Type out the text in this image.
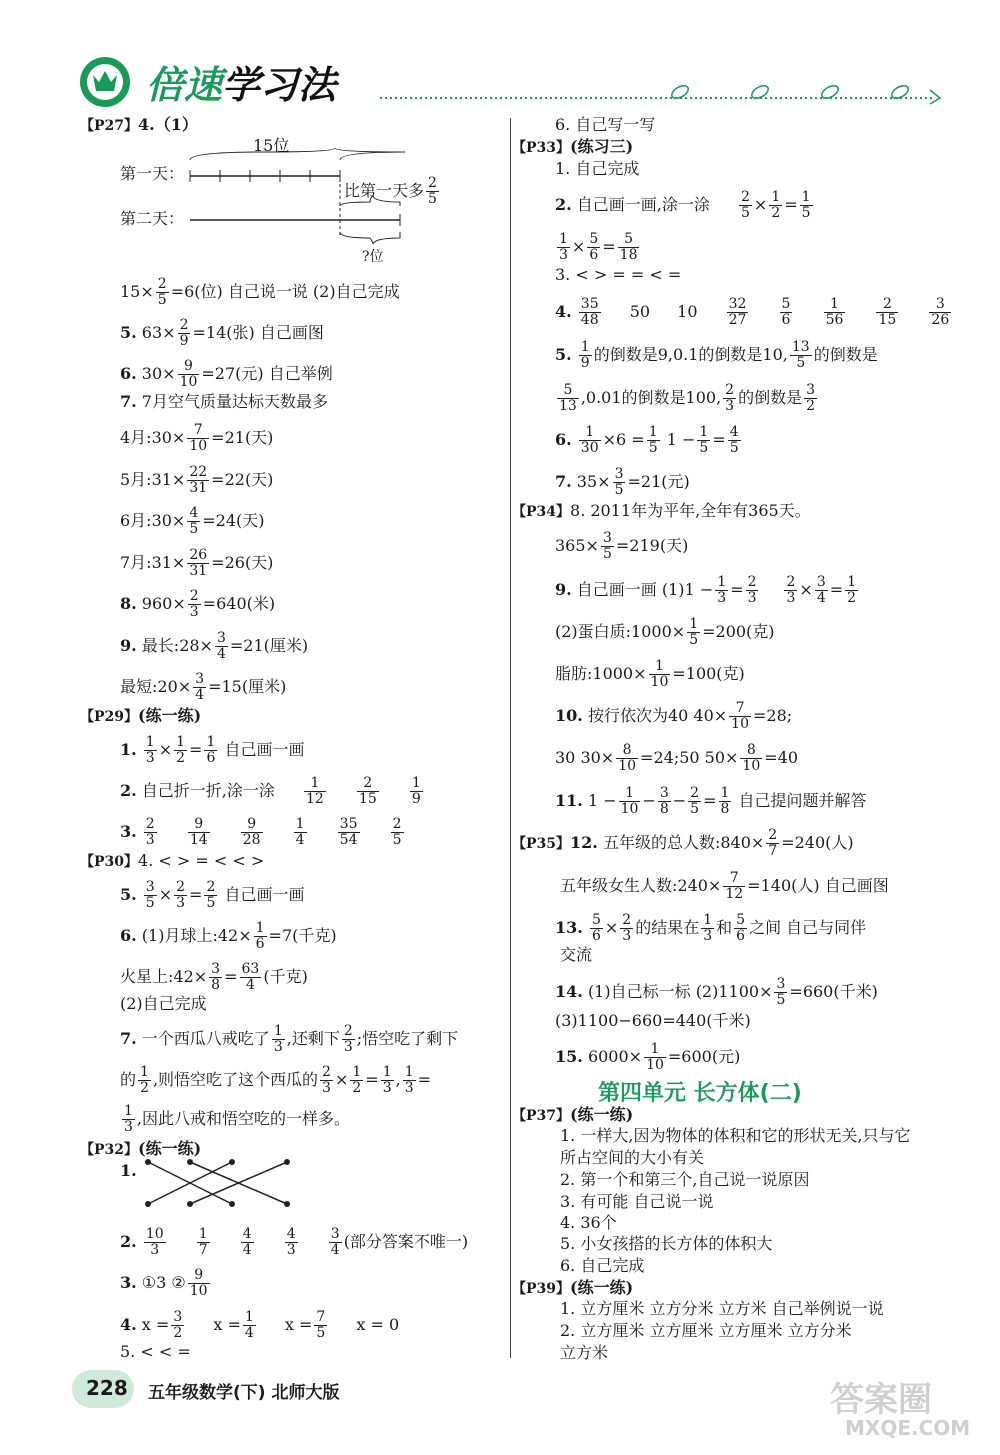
倍速学习法
【P27】4.（1）
15位
第一天：
第二天：
比第一天多 $\frac{2}{5}$
?位
$15\times \frac{2}{5} =6$(位) 自己说一说 (2)自己完成
5. $63\times \frac{2}{9} =14$(张) 自己画图
6. $30\times \frac{9}{10} =27$(元) 自己举例
7. 7月空气质量达标天数最多
4月:30× $\frac{7}{10} =21$(天)
5月:31× $\frac{22}{31} =22$(天)
6月:30× $\frac{4}{5} =24$(天)
7月:31× $\frac{26}{31} =26$(天)
8. $960\times \frac{2}{3} =640$(米)
9. 最长:28× $\frac{3}{4} =21$(厘米)
最短:20× $\frac{3}{4} =15$(厘米)
【P29】(练一练)
1. $\frac{1}{3} \times \frac{1}{2} = \frac{1}{6}$ 自己画一画
2. 自己折一折,涂一涂 $\frac{1}{12}$
$\frac{2}{15}$
$\frac{1}{9}$
3. $\frac{2}{3}$
$\frac{9}{14}$
$\frac{9}{28}$
$\frac{1}{4}$
$\frac{35}{54}$
$\frac{2}{5}$
【P30】4. < > = < < >
5. $\frac{3}{5} \times \frac{2}{3} = \frac{2}{5}$ 自己画一画
6. (1)月球上:42× $\frac{1}{6} =7$(千克)
火星上:42× $\frac{3}{8} = \frac{63}{4}$ (千克)
(2)自己完成
7. 一个西瓜八戒吃了 $\frac{1}{3}$ ,还剩下 $\frac{2}{3}$ ;悟空吃了剩下
的 $\frac{1}{2}$ ,则悟空吃了这个西瓜的 $\frac{2}{3} \times \frac{1}{2} = \frac{1}{3}$ , $\frac{1}{3}$ =
$\frac{1}{3}$ ,因此八戒和悟空吃的一样多。
【P32】(练一练)
1.
2. $\frac{10}{3}$
$\frac{1}{7}$
$\frac{4}{4}$
$\frac{4}{3}$
$\frac{3}{4}$ (部分答案不唯一)
3. ①3 ② $\frac{9}{10}$
4. $x = \frac{3}{2}$ $x = \frac{1}{4}$ $x = \frac{7}{5}$ x = 0
5. < < =
6. 自己写一写
【P33】(练习三)
1. 自己完成
2. 自己画一画,涂一涂 $\frac{2}{5} \times \frac{1}{2} = \frac{1}{5}$
$\frac{1}{3} \times \frac{5}{6} = \frac{5}{18}$
3. < > = = < =
4. $\frac{35}{48} 50$ $10 \frac{32}{27}$
$\frac{5}{6}$
$\frac{1}{56}$
$\frac{2}{15}$
$\frac{3}{26}$
5. $\frac{1}{9}$ 的倒数是9,0.1的倒数是10, $\frac{13}{5}$ 的倒数是
$\frac{5}{13} ,0.01$的倒数是100, $\frac{2}{3}$ 的倒数是 $\frac{3}{2}$
6. $\frac{1}{30} \times 6 = \frac{1}{5} 1 - \frac{1}{5} = \frac{4}{5}$
7. $35\times \frac{3}{5} =21$(元)
【P34】8. 2011年为平年,全年有365天。
$365\times \frac{3}{5} =219$(天)
9. 自己画一画 $(1)1 - \frac{1}{3} = \frac{2}{3} \frac{2}{3} \times \frac{3}{4} = \frac{1}{2}$
(2)蛋白质:1000× $\frac{1}{5} =200$(克)
脂肪:1000× $\frac{1}{10} =100$(克)
10. 按行依次为40 $40\times \frac{7}{10} =28$;
30 $30\times \frac{8}{10}$ =24;50 $50\times \frac{8}{10} =40$
11. $1 - \frac{1}{10} - \frac{3}{8} - \frac{2}{5} = \frac{1}{8}$ 自己提问题并解答
【P35】12. 五年级的总人数:840× $\frac{2}{7} =240$(人)
五年级女生人数:240× $\frac{7}{12} =140$(人) 自己画图
13. $\frac{5}{6} \times \frac{2}{3}$ 的结果在 $\frac{1}{3}$ 和 $\frac{5}{6}$ 之间 自己与同伴
交流
14. (1)自己标一标 $(2)1100\times \frac{3}{5} =660$(千米)
(3)1100−660=440(千米)
15. $6000\times \frac{1}{10} =600$(元)
第四单元 长方体(二)
【P37】(练一练)
1. 一样大,因为物体的体积和它的形状无关,只与它
所占空间的大小有关
2. 第一个和第三个,自己说一说原因
3. 有可能 自己说一说
4. 36个
5. 小女孩搭的长方体的体积大
6. 自己完成
【P39】(练一练)
1. 立方厘米 立方分米 立方米 自己举例说一说
2. 立方厘米 立方厘米 立方厘米 立方分米
立方米
228 五年级数学(下) 北师大版	答案圈
MXQE.COM
